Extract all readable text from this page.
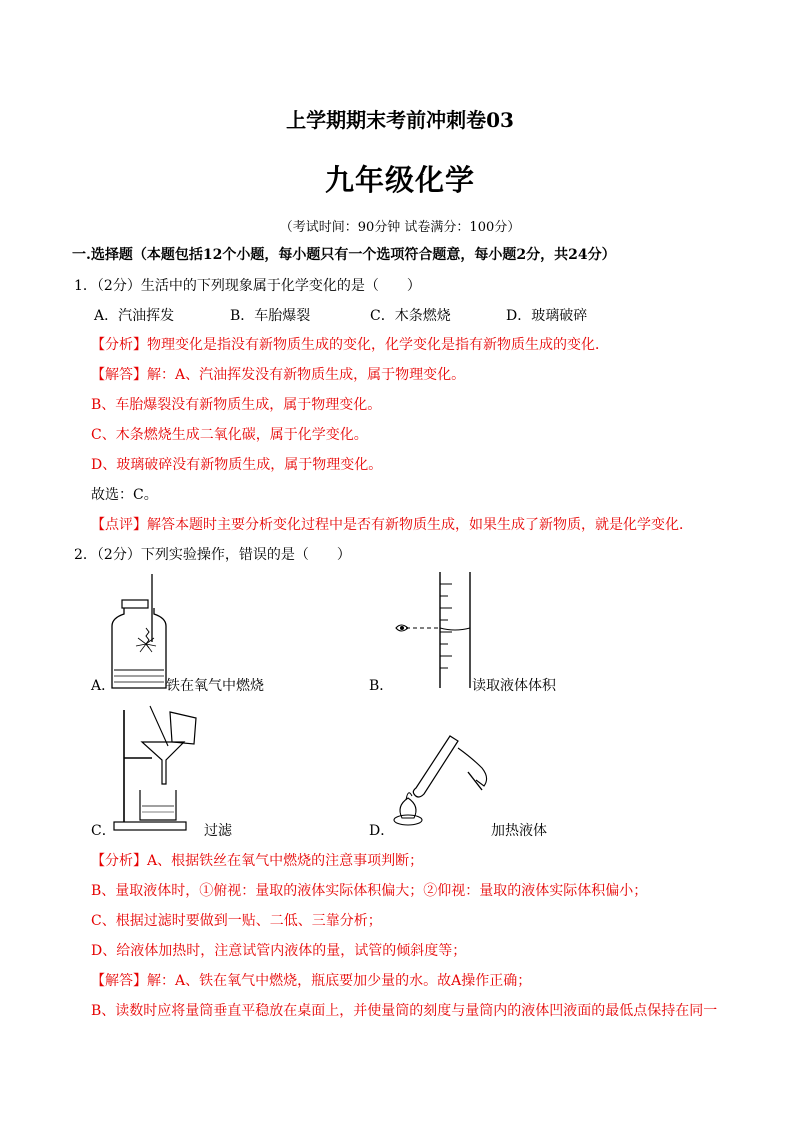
上学期期末考前冲刺卷03
九年级化学
（考试时间：90分钟 试卷满分：100分）
一.选择题（本题包括12个小题，每小题只有一个选项符合题意，每小题2分，共24分）
1．（2分）生活中的下列现象属于化学变化的是（　　）
A．汽油挥发	B．车胎爆裂	C．木条燃烧	D．玻璃破碎
【分析】物理变化是指没有新物质生成的变化，化学变化是指有新物质生成的变化．
【解答】解：A、汽油挥发没有新物质生成，属于物理变化。
B、车胎爆裂没有新物质生成，属于物理变化。
C、木条燃烧生成二氧化碳，属于化学变化。
D、玻璃破碎没有新物质生成，属于物理变化。
故选：C。
【点评】解答本题时主要分析变化过程中是否有新物质生成，如果生成了新物质，就是化学变化．
2．（2分）下列实验操作，错误的是（　　）
A．	铁在氧气中燃烧	B．	读取液体体积
C．	过滤	D．	加热液体
【分析】A、根据铁丝在氧气中燃烧的注意事项判断；
B、量取液体时，①俯视：量取的液体实际体积偏大；②仰视：量取的液体实际体积偏小；
C、根据过滤时要做到一贴、二低、三靠分析；
D、给液体加热时，注意试管内液体的量，试管的倾斜度等；
【解答】解：A、铁在氧气中燃烧，瓶底要加少量的水。故A操作正确；
B、读数时应将量筒垂直平稳放在桌面上，并使量筒的刻度与量筒内的液体凹液面的最低点保持在同一
